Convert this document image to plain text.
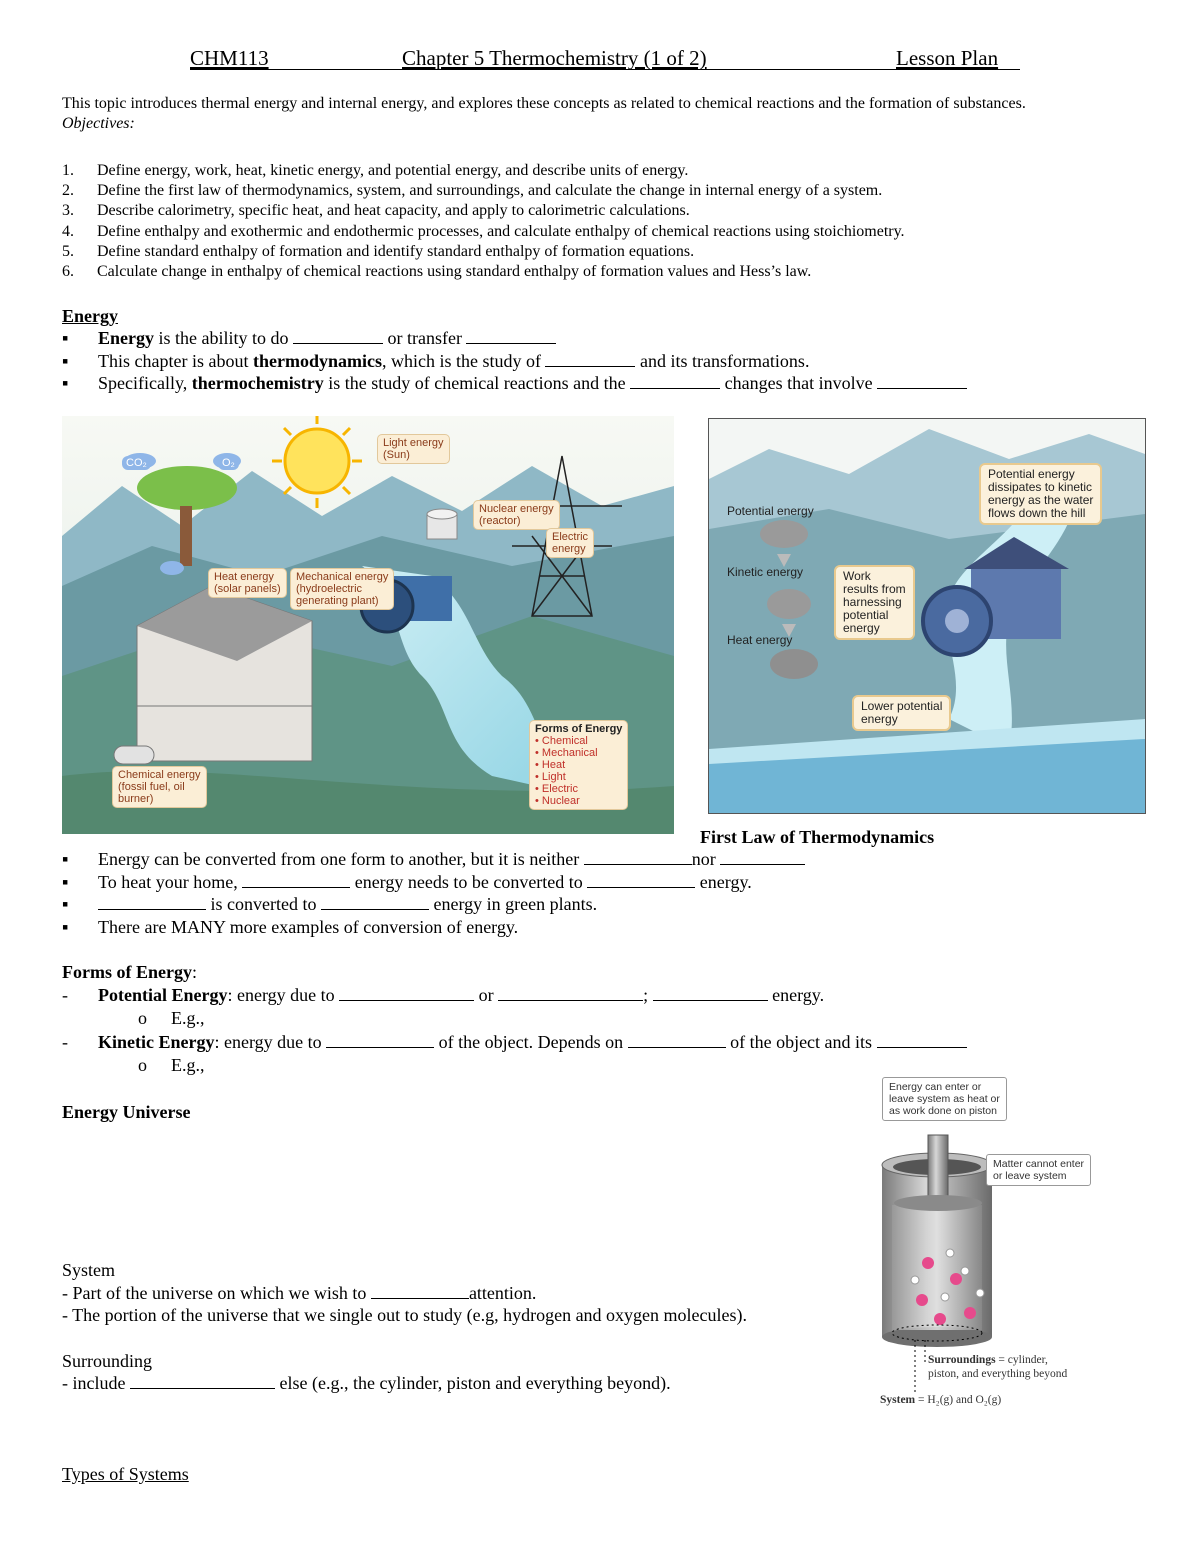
CHM113	Chapter 5 Thermochemistry (1 of 2)	Lesson Plan
This topic introduces thermal energy and internal energy, and explores these concepts as related to chemical reactions and the formation of substances.
Objectives:
1. Define energy, work, heat, kinetic energy, and potential energy, and describe units of energy.
2. Define the first law of thermodynamics, system, and surroundings, and calculate the change in internal energy of a system.
3. Describe calorimetry, specific heat, and heat capacity, and apply to calorimetric calculations.
4. Define enthalpy and exothermic and endothermic processes, and calculate enthalpy of chemical reactions using stoichiometry.
5. Define standard enthalpy of formation and identify standard enthalpy of formation equations.
6. Calculate change in enthalpy of chemical reactions using standard enthalpy of formation values and Hess’s law.
Energy
▪ Energy is the ability to do	or transfer
▪ This chapter is about thermodynamics, which is the study of	and its transformations.
▪ Specifically, thermochemistry is the study of chemical reactions and the	changes that involve
Light energy
(Sun)
CO₂	O₂
Nuclear energy
(reactor)
Electric
energy
Heat energy
(solar panels)
Mechanical energy
(hydroelectric
generating plant)
Chemical energy
(fossil fuel, oil
burner)
Forms of Energy
• Chemical
• Mechanical
• Heat
• Light
• Electric
• Nuclear
Potential energy
Kinetic energy
Heat energy
Potential energy
dissipates to kinetic
energy as the water
flows down the hill
Work
results from
harnessing
potential
energy
Lower potential
energy
First Law of Thermodynamics
▪ Energy can be converted from one form to another, but it is neither	nor
▪ To heat your home,	energy needs to be converted to	energy.
▪	is converted to	energy in green plants.
▪ There are MANY more examples of conversion of energy.
Forms of Energy:
- Potential Energy: energy due to	or	;	energy.
o E.g.,
- Kinetic Energy: energy due to	of the object. Depends on	of the object and its
o E.g.,
Energy Universe
System
- Part of the universe on which we wish to	attention.
- The portion of the universe that we single out to study (e.g, hydrogen and oxygen molecules).
Surrounding
- include	else (e.g., the cylinder, piston and everything beyond).
Energy can enter or
leave system as heat or
as work done on piston
Matter cannot enter
or leave system
Surroundings = cylinder,
piston, and everything beyond
System = H₂(g) and O₂(g)
Types of Systems
